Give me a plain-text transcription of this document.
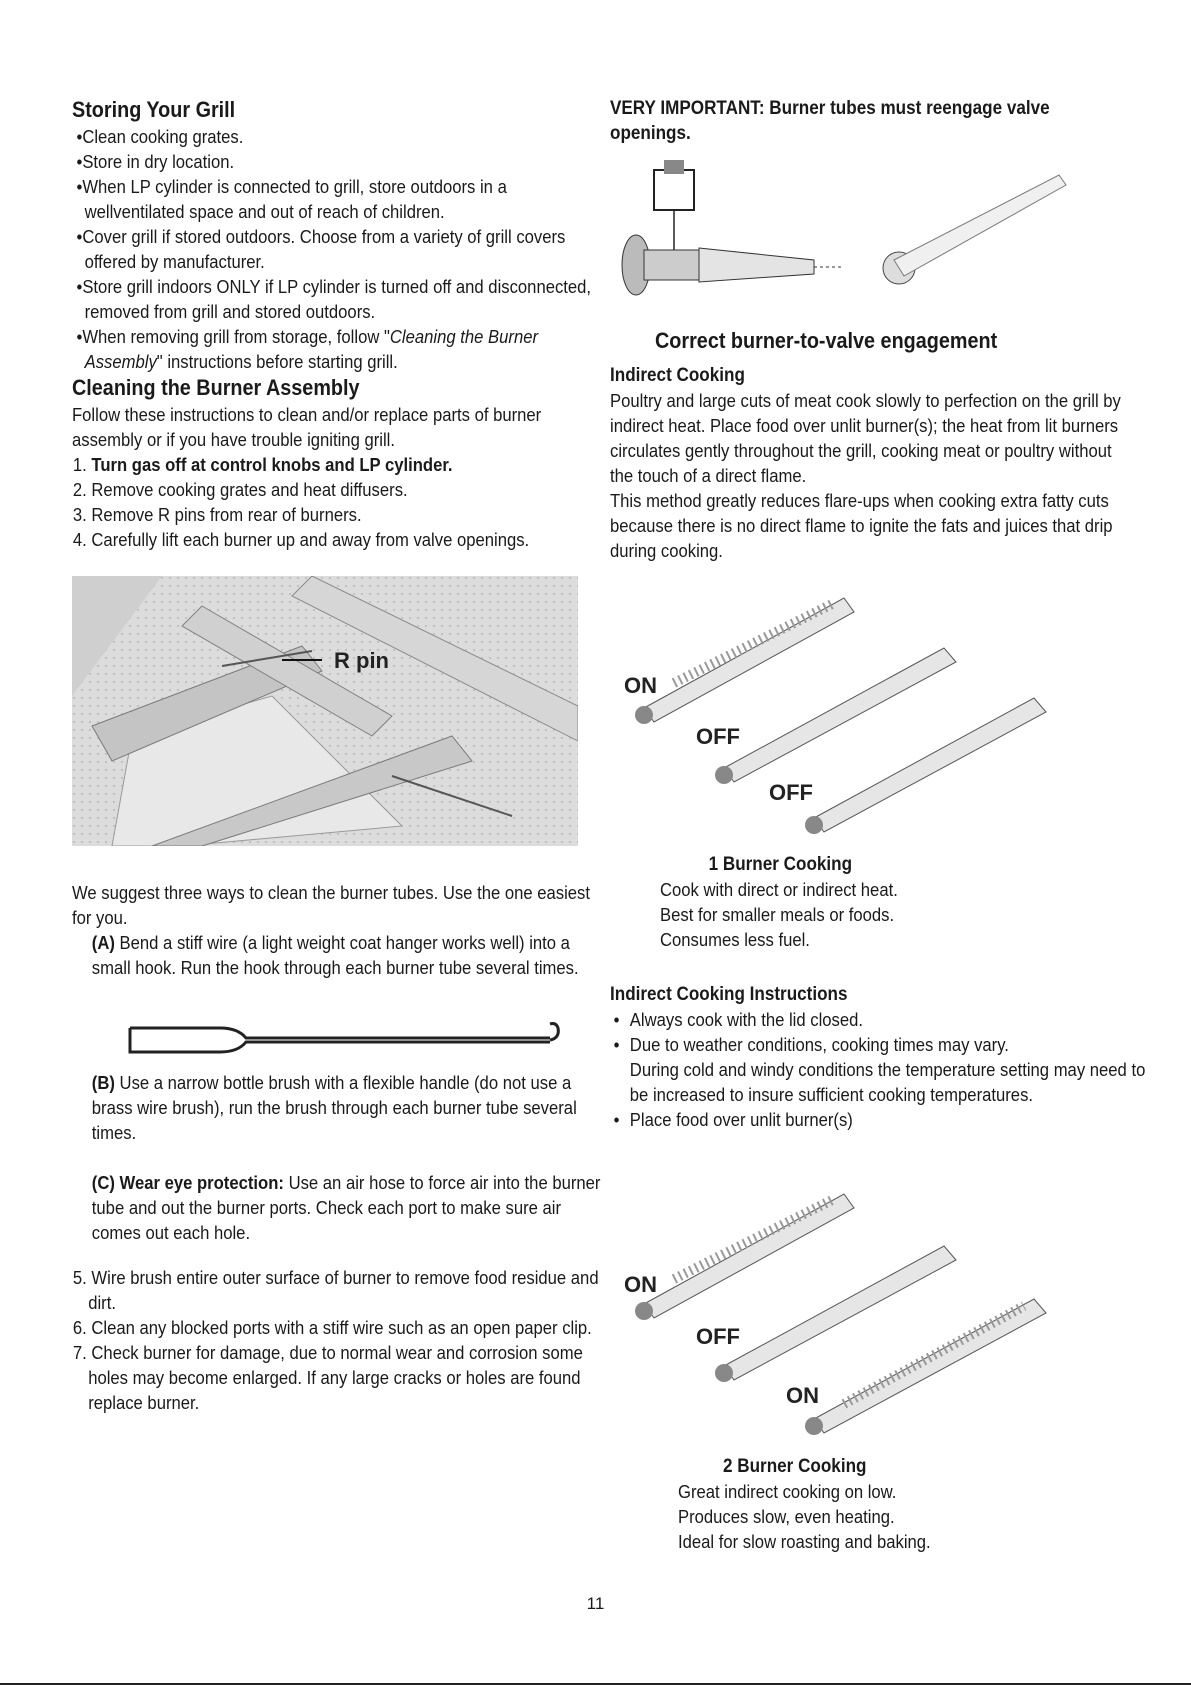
Storing Your Grill
•Clean cooking grates.
•Store in dry location.
•When LP cylinder is connected to grill, store outdoors in a wellventilated space and out of reach of children.
•Cover grill if stored outdoors. Choose from a variety of grill covers offered by manufacturer.
•Store grill indoors ONLY if LP cylinder is turned off and disconnected, removed from grill and stored outdoors.
•When removing grill from storage, follow "Cleaning the Burner Assembly" instructions before starting grill.
Cleaning the Burner Assembly
Follow these instructions to clean and/or replace parts of burner assembly or if you have trouble igniting grill.
1. Turn gas off at control knobs and LP cylinder.
2. Remove cooking grates and heat diffusers.
3. Remove R pins from rear of burners.
4. Carefully lift each burner up and away from valve openings.
R pin
We suggest three ways to clean the burner tubes. Use the one easiest for you.
(A) Bend a stiff wire (a light weight coat hanger works well) into a small hook. Run the hook through each burner tube several times.
(B) Use a narrow bottle brush with a flexible handle (do not use a brass wire brush), run the brush through each burner tube several times.
(C) Wear eye protection: Use an air hose to force air into the burner tube and out the burner ports. Check each port to make sure air comes out each hole.
5. Wire brush entire outer surface of burner to remove food residue and dirt.
6. Clean any blocked ports with a stiff wire such as an open paper clip.
7. Check burner for damage, due to normal wear and corrosion some holes may become enlarged. If any large cracks or holes are found replace burner.
VERY IMPORTANT: Burner tubes must reengage valve openings.
Correct burner-to-valve engagement
Indirect Cooking
Poultry and large cuts of meat cook slowly to perfection on the grill by indirect heat. Place food over unlit burner(s); the heat from lit burners circulates gently throughout the grill, cooking meat or poultry without the touch of a direct flame.
This method greatly reduces flare-ups when cooking extra fatty cuts because there is no direct flame to ignite the fats and juices that drip during cooking.
ON
OFF
OFF
1 Burner Cooking
Cook with direct or indirect heat.
Best for smaller meals or foods.
Consumes less fuel.
Indirect Cooking Instructions
• Always cook with the lid closed.
• Due to weather conditions, cooking times may vary.
During cold and windy conditions the temperature setting may need to be increased to insure sufficient cooking temperatures.
• Place food over unlit burner(s)
ON
OFF
ON
2 Burner Cooking
Great indirect cooking on low.
Produces slow, even heating.
Ideal for slow roasting and baking.
11
